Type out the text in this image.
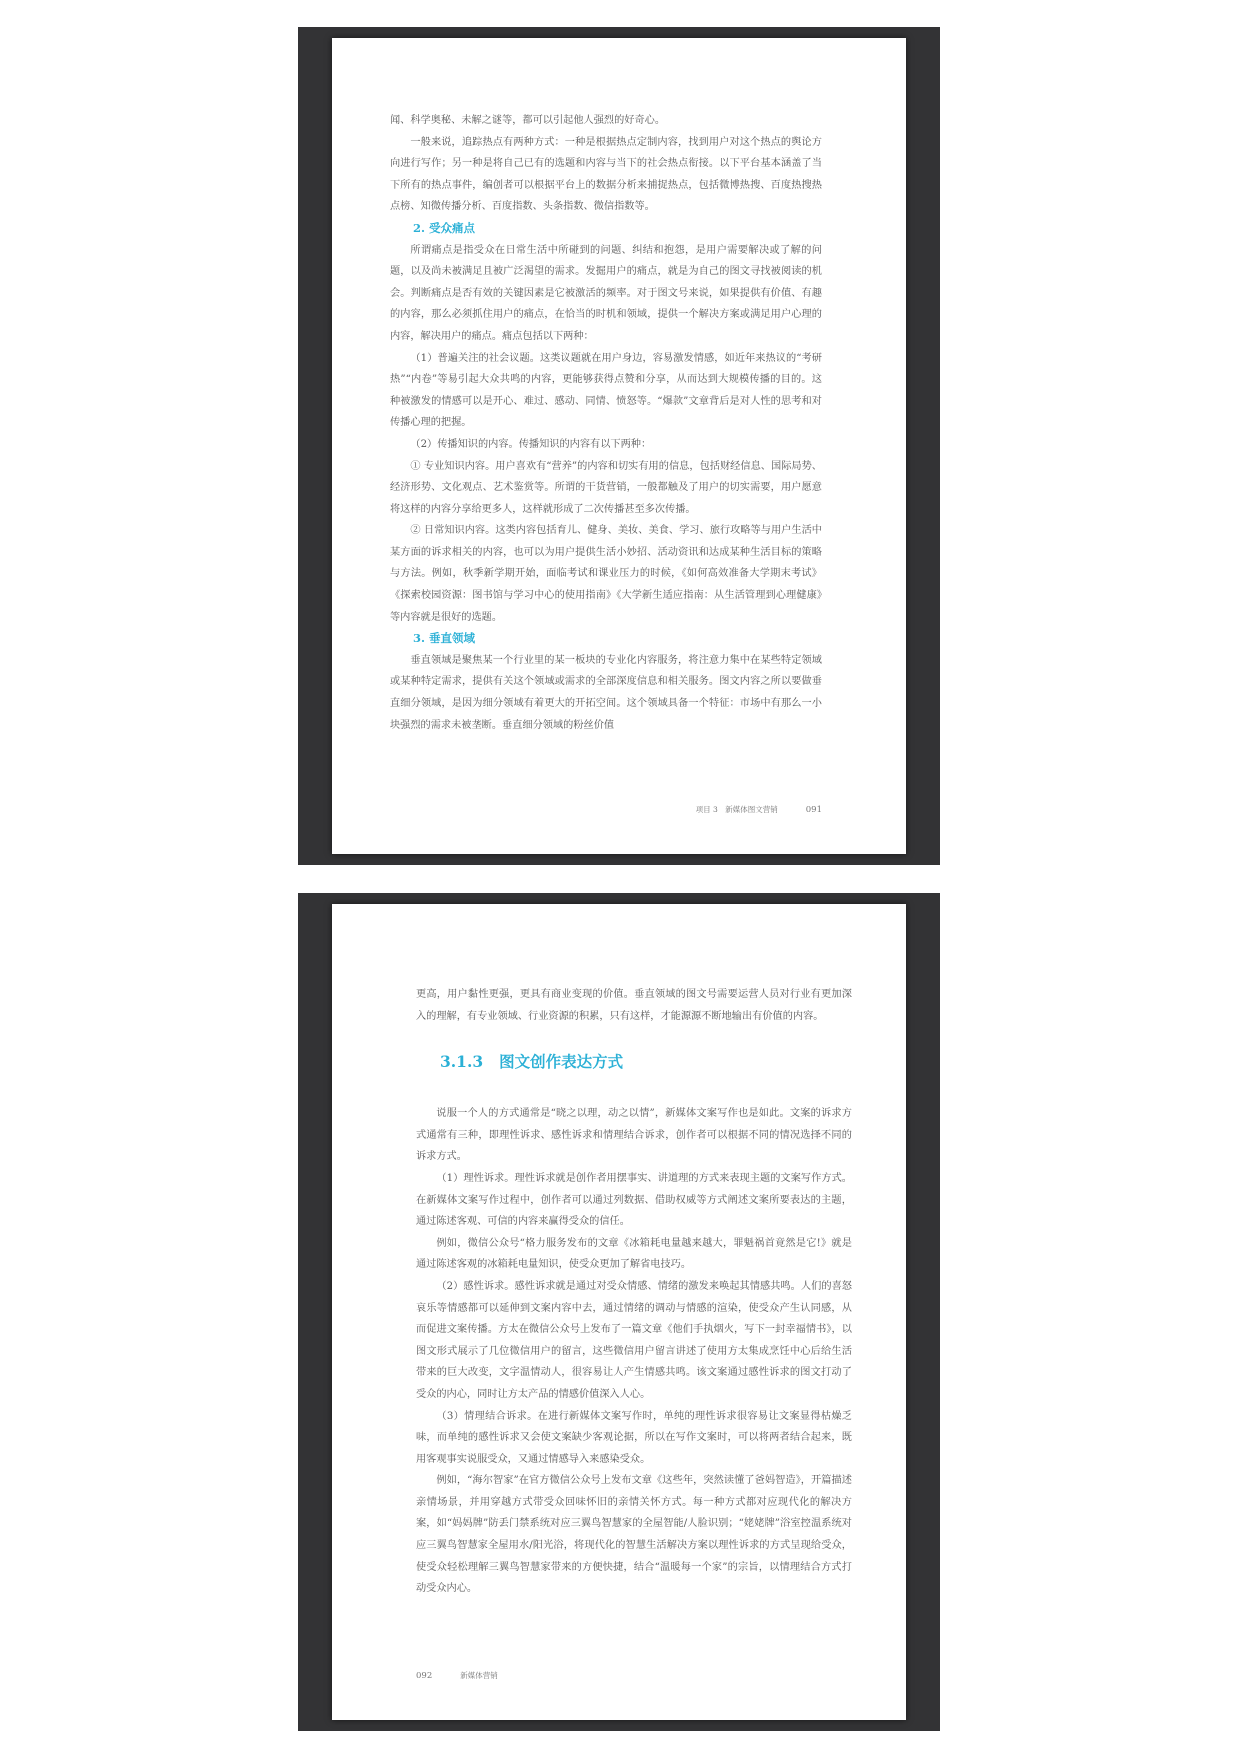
闻、科学奥秘、未解之谜等，都可以引起他人强烈的好奇心。

一般来说，追踪热点有两种方式：一种是根据热点定制内容，找到用户对这个热点的舆论方向进行写作；另一种是将自己已有的选题和内容与当下的社会热点衔接。以下平台基本涵盖了当下所有的热点事件，编创者可以根据平台上的数据分析来捕捉热点，包括微博热搜、百度热搜热点榜、知微传播分析、百度指数、头条指数、微信指数等。

2. 受众痛点

所谓痛点是指受众在日常生活中所碰到的问题、纠结和抱怨，是用户需要解决或了解的问题，以及尚未被满足且被广泛渴望的需求。发掘用户的痛点，就是为自己的图文寻找被阅读的机会。判断痛点是否有效的关键因素是它被激活的频率。对于图文号来说，如果提供有价值、有趣的内容，那么必须抓住用户的痛点，在恰当的时机和领域，提供一个解决方案或满足用户心理的内容，解决用户的痛点。痛点包括以下两种：

（1）普遍关注的社会议题。这类议题就在用户身边，容易激发情感，如近年来热议的“考研热”“内卷”等易引起大众共鸣的内容，更能够获得点赞和分享，从而达到大规模传播的目的。这种被激发的情感可以是开心、难过、感动、同情、愤怒等。“爆款”文章背后是对人性的思考和对传播心理的把握。

（2）传播知识的内容。传播知识的内容有以下两种：

① 专业知识内容。用户喜欢有“营养”的内容和切实有用的信息，包括财经信息、国际局势、经济形势、文化观点、艺术鉴赏等。所谓的干货营销，一般都触及了用户的切实需要，用户愿意将这样的内容分享给更多人，这样就形成了二次传播甚至多次传播。

② 日常知识内容。这类内容包括育儿、健身、美妆、美食、学习、旅行攻略等与用户生活中某方面的诉求相关的内容，也可以为用户提供生活小妙招、活动资讯和达成某种生活目标的策略与方法。例如，秋季新学期开始，面临考试和课业压力的时候，《如何高效准备大学期末考试》《探索校园资源：图书馆与学习中心的使用指南》《大学新生适应指南：从生活管理到心理健康》等内容就是很好的选题。

3. 垂直领域

垂直领域是聚焦某一个行业里的某一板块的专业化内容服务，将注意力集中在某些特定领域或某种特定需求，提供有关这个领域或需求的全部深度信息和相关服务。图文内容之所以要做垂直细分领域，是因为细分领域有着更大的开拓空间。这个领域具备一个特征：市场中有那么一小块强烈的需求未被垄断。垂直细分领域的粉丝价值

项目 3　新媒体图文营销	091

更高，用户黏性更强，更具有商业变现的价值。垂直领域的图文号需要运营人员对行业有更加深入的理解，有专业领域、行业资源的积累，只有这样，才能源源不断地输出有价值的内容。

3.1.3 图文创作表达方式

说服一个人的方式通常是“晓之以理，动之以情”，新媒体文案写作也是如此。文案的诉求方式通常有三种，即理性诉求、感性诉求和情理结合诉求，创作者可以根据不同的情况选择不同的诉求方式。

（1）理性诉求。理性诉求就是创作者用摆事实、讲道理的方式来表现主题的文案写作方式。在新媒体文案写作过程中，创作者可以通过列数据、借助权威等方式阐述文案所要表达的主题，通过陈述客观、可信的内容来赢得受众的信任。

例如，微信公众号“格力服务发布的文章《冰箱耗电量越来越大，罪魁祸首竟然是它!》就是通过陈述客观的冰箱耗电量知识，使受众更加了解省电技巧。

（2）感性诉求。感性诉求就是通过对受众情感、情绪的激发来唤起其情感共鸣。人们的喜怒哀乐等情感都可以延伸到文案内容中去，通过情绪的调动与情感的渲染，使受众产生认同感，从而促进文案传播。方太在微信公众号上发布了一篇文章《他们手执烟火，写下一封幸福情书》，以图文形式展示了几位微信用户的留言，这些微信用户留言讲述了使用方太集成烹饪中心后给生活带来的巨大改变，文字温情动人，很容易让人产生情感共鸣。该文案通过感性诉求的图文打动了受众的内心，同时让方太产品的情感价值深入人心。

（3）情理结合诉求。在进行新媒体文案写作时，单纯的理性诉求很容易让文案显得枯燥乏味，而单纯的感性诉求又会使文案缺少客观论据，所以在写作文案时，可以将两者结合起来，既用客观事实说服受众，又通过情感导入来感染受众。

例如，“海尔智家”在官方微信公众号上发布文章《这些年，突然读懂了爸妈智造》，开篇描述亲情场景，并用穿越方式带受众回味怀旧的亲情关怀方式。每一种方式都对应现代化的解决方案，如“妈妈牌”防丢门禁系统对应三翼鸟智慧家的全屋智能/人脸识别；“姥姥牌”浴室控温系统对应三翼鸟智慧家全屋用水/阳光浴，将现代化的智慧生活解决方案以理性诉求的方式呈现给受众，使受众轻松理解三翼鸟智慧家带来的方便快捷，结合“温暖每一个家”的宗旨，以情理结合方式打动受众内心。

092	新媒体营销
